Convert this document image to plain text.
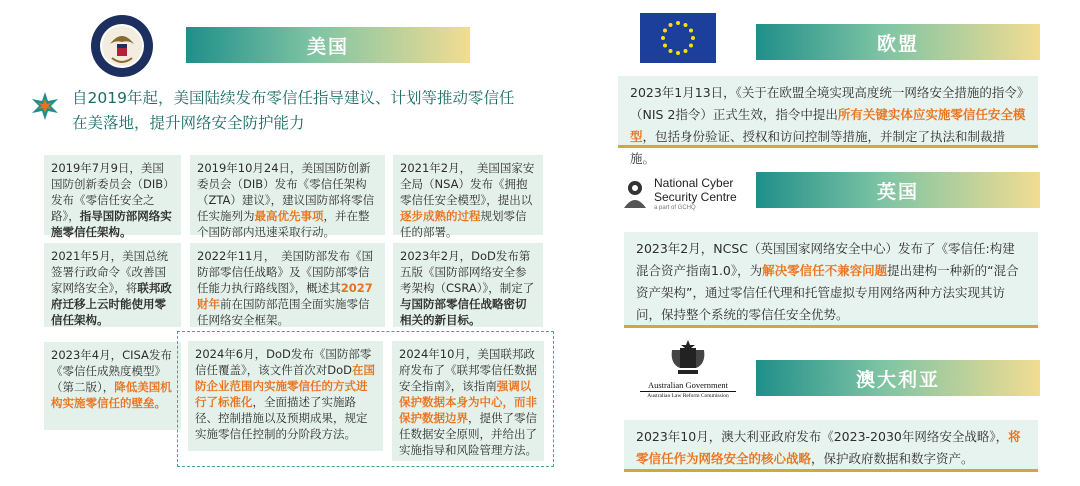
美国
自2019年起，美国陆续发布零信任指导建议、计划等推动零信任
在美落地，提升网络安全防护能力
2019年7月9日，美国国防创新委员会（DIB）发布《零信任安全之路》，指导国防部网络实施零信任架构。
2019年10月24日，美国国防创新委员会（DIB）发布《零信任架构（ZTA）建议》，建议国防部将零信任实施列为最高优先事项，并在整个国防部内迅速采取行动。
2021年2月，　美国国家安全局（NSA）发布《拥抱零信任安全模型》，提出以逐步成熟的过程规划零信任的部署。
2021年5月，美国总统签署行政命令《改善国家网络安全》，将联邦政府迁移上云时能使用零信任架构。
2022年11月，　美国防部发布《国防部零信任战略》及《国防部零信任能力执行路线图》，概述其2027财年前在国防部范围全面实施零信任网络安全框架。
2023年2月，DoD发布第五版《国防部网络安全参考架构（CSRA）》，制定了与国防部零信任战略密切相关的新目标。
2023年4月，CISA发布《零信任成熟度模型》（第二版），降低美国机构实施零信任的壁垒。
2024年6月，DoD发布《国防部零信任覆盖》，该文件首次对DoD在国防企业范围内实施零信任的方式进行了标准化，全面描述了实施路径、控制措施以及预期成果，规定实施零信任控制的分阶段方法。
2024年10月，美国联邦政府发布了《联邦零信任数据安全指南》，该指南强调以保护数据本身为中心，而非保护数据边界，提供了零信任数据安全原则，并给出了实施指导和风险管理方法。
欧盟
2023年1月13日，《关于在欧盟全境实现高度统一网络安全措施的指令》（NIS 2指令）正式生效，指令中提出所有关键实体应实施零信任安全模型，包括身份验证、授权和访问控制等措施，并制定了执法和制裁措施。
National Cyber
Security Centre
a part of GCHQ
英国
2023年2月，NCSC（英国国家网络安全中心）发布了《零信任:构建混合资产指南1.0》，为解决零信任不兼容问题提出建构一种新的“混合资产架构”，通过零信任代理和托管虚拟专用网络两种方法实现其访问，保持整个系统的零信任安全优势。
Australian Government
Australian Law Reform Commission
澳大利亚
2023年10月，澳大利亚政府发布《2023-2030年网络安全战略》，将零信任作为网络安全的核心战略，保护政府数据和数字资产。
